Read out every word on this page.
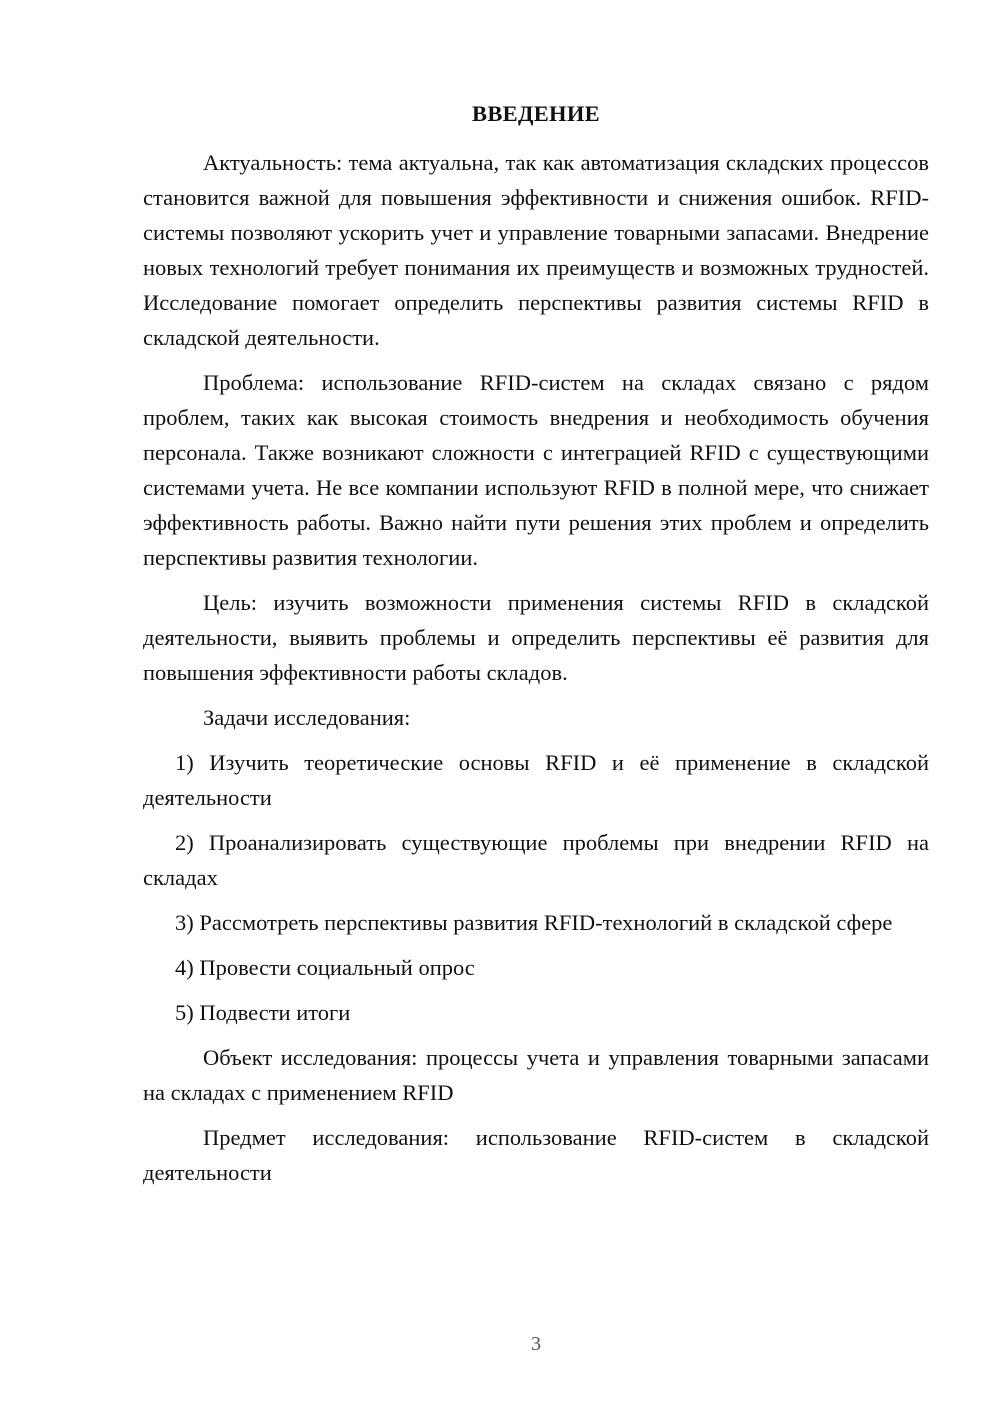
ВВЕДЕНИЕ

Актуальность: тема актуальна, так как автоматизация складских процессов становится важной для повышения эффективности и снижения ошибок. RFID-системы позволяют ускорить учет и управление товарными запасами. Внедрение новых технологий требует понимания их преимуществ и возможных трудностей. Исследование помогает определить перспективы развития системы RFID в складской деятельности.

Проблема: использование RFID-систем на складах связано с рядом проблем, таких как высокая стоимость внедрения и необходимость обучения персонала. Также возникают сложности с интеграцией RFID с существующими системами учета. Не все компании используют RFID в полной мере, что снижает эффективность работы. Важно найти пути решения этих проблем и определить перспективы развития технологии.

Цель: изучить возможности применения системы RFID в складской деятельности, выявить проблемы и определить перспективы её развития для повышения эффективности работы складов.

Задачи исследования:

1) Изучить теоретические основы RFID и её применение в складской деятельности

2) Проанализировать существующие проблемы при внедрении RFID на складах

3) Рассмотреть перспективы развития RFID-технологий в складской сфере

4) Провести социальный опрос

5) Подвести итоги

Объект исследования: процессы учета и управления товарными запасами на складах с применением RFID

Предмет исследования: использование RFID-систем в складской деятельности

3
